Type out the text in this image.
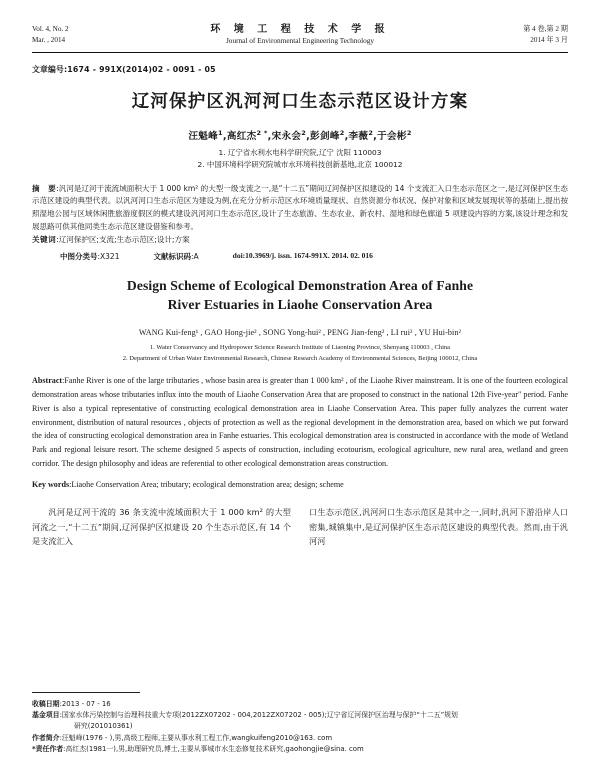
Vol. 4, No. 2
Mar. , 2014
环 境 工 程 技 术 学 报
Journal of Environmental Engineering Technology
第 4 卷,第 2 期
2014 年 3 月
文章编号:1674 - 991X(2014)02 - 0091 - 05
辽河保护区汎河河口生态示范区设计方案
汪魁峰$^1$,高红杰$^{2 *}$,宋永会$^2$,彭剑峰$^2$,李薇$^2$,于会彬$^2$
1. 辽宁省水利水电科学研究院,辽宁 沈阳 110003
2. 中国环境科学研究院城市水环境科技创新基地,北京 100012
摘　要:汎河是辽河干流流域面积大于 1 000 km² 的大型一级支流之一,是“十二五”期间辽河保护区拟建设的 14 个支流汇入口生态示范区之一,是辽河保护区生态示范区建设的典型代表。以汎河河口生态示范区为建设为例,在充分分析示范区水环境质量现状、自然资源分布状况、保护对象和区域发展现状等的基础上,提出按照湿地公园与区域休闲胜旅游度假区的模式建设汎河河口生态示范区,设计了生态旅游、生态农业、新农村、湿地和绿色廊道 5 项建设内容的方案,该设计理念和发展思路可供其他同类生态示范区建设借鉴和参考。
关键词:辽河保护区;支流;生态示范区;设计;方案
中图分类号:X321	文献标识码:A	doi:10.3969/j. issn. 1674-991X. 2014. 02. 016
Design Scheme of Ecological Demonstration Area of Fanhe
River Estuaries in Liaohe Conservation Area
WANG Kui-feng¹ , GAO Hong-jie² , SONG Yong-hui² , PENG Jian-feng² , LI rui² , YU Hui-bin²
1. Water Conservancy and Hydropower Science Research Institute of Liaoning Province, Shenyang 110003 , China
2. Department of Urban Water Environmental Research, Chinese Research Academy of Environmental Sciences, Beijing 100012, China
Abstract:Fanhe River is one of the large tributaries , whose basin area is greater than 1 000 km² , of the Liaohe River mainstream. It is one of the fourteen ecological demonstration areas whose tributaries influx into the mouth of Liaohe Conservation Area that are proposed to construct in the national 12th Five-year" period. Fanhe River is also a typical representative of constructing ecological demonstration area in Liaohe Conservation Area. This paper fully analyzes the current water environment, distribution of natural resources , objects of protection as well as the regional development in the demonstration area, based on which we put forward the idea of constructing ecological demonstration area in Fanhe estuaries. This ecological demonstration area is constructed in accordance with the mode of Wetland Park and regional leisure resort. The scheme designed 5 aspects of construction, including ecotourism, ecological agriculture, new rural area, wetland and green corridor. The design philosophy and ideas are referential to other ecological demonstration areas construction.
Key words:Liaohe Conservation Area; tributary; ecological demonstration area; design; scheme

汎河是辽河干流的 36 条支流中流域面积大于 1 000 km² 的大型河流之一,“十二五”期间,辽河保护区拟建设 20 个生态示范区,有 14 个是支流汇入

口生态示范区,汎河河口生态示范区是其中之一,同时,汎河下游沿岸人口密集,城镇集中,是辽河保护区生态示范区建设的典型代表。然而,由于汎河河

收稿日期:2013 - 07 - 16
基金项目:国家水体污染控制与治理科技重大专项(2012ZX07202 - 004,2012ZX07202 - 005);辽宁省辽河保护区治理与保护“十二五”规划
研究(201010361)
作者简介:汪魁峰(1976 - ),男,高级工程师,主要从事水利工程工作,wangkuifeng2010@163. com
*责任作者:高红杰(1981一),男,助理研究员,博士,主要从事城市水生态修复技术研究,gaohongjie@sina. com
